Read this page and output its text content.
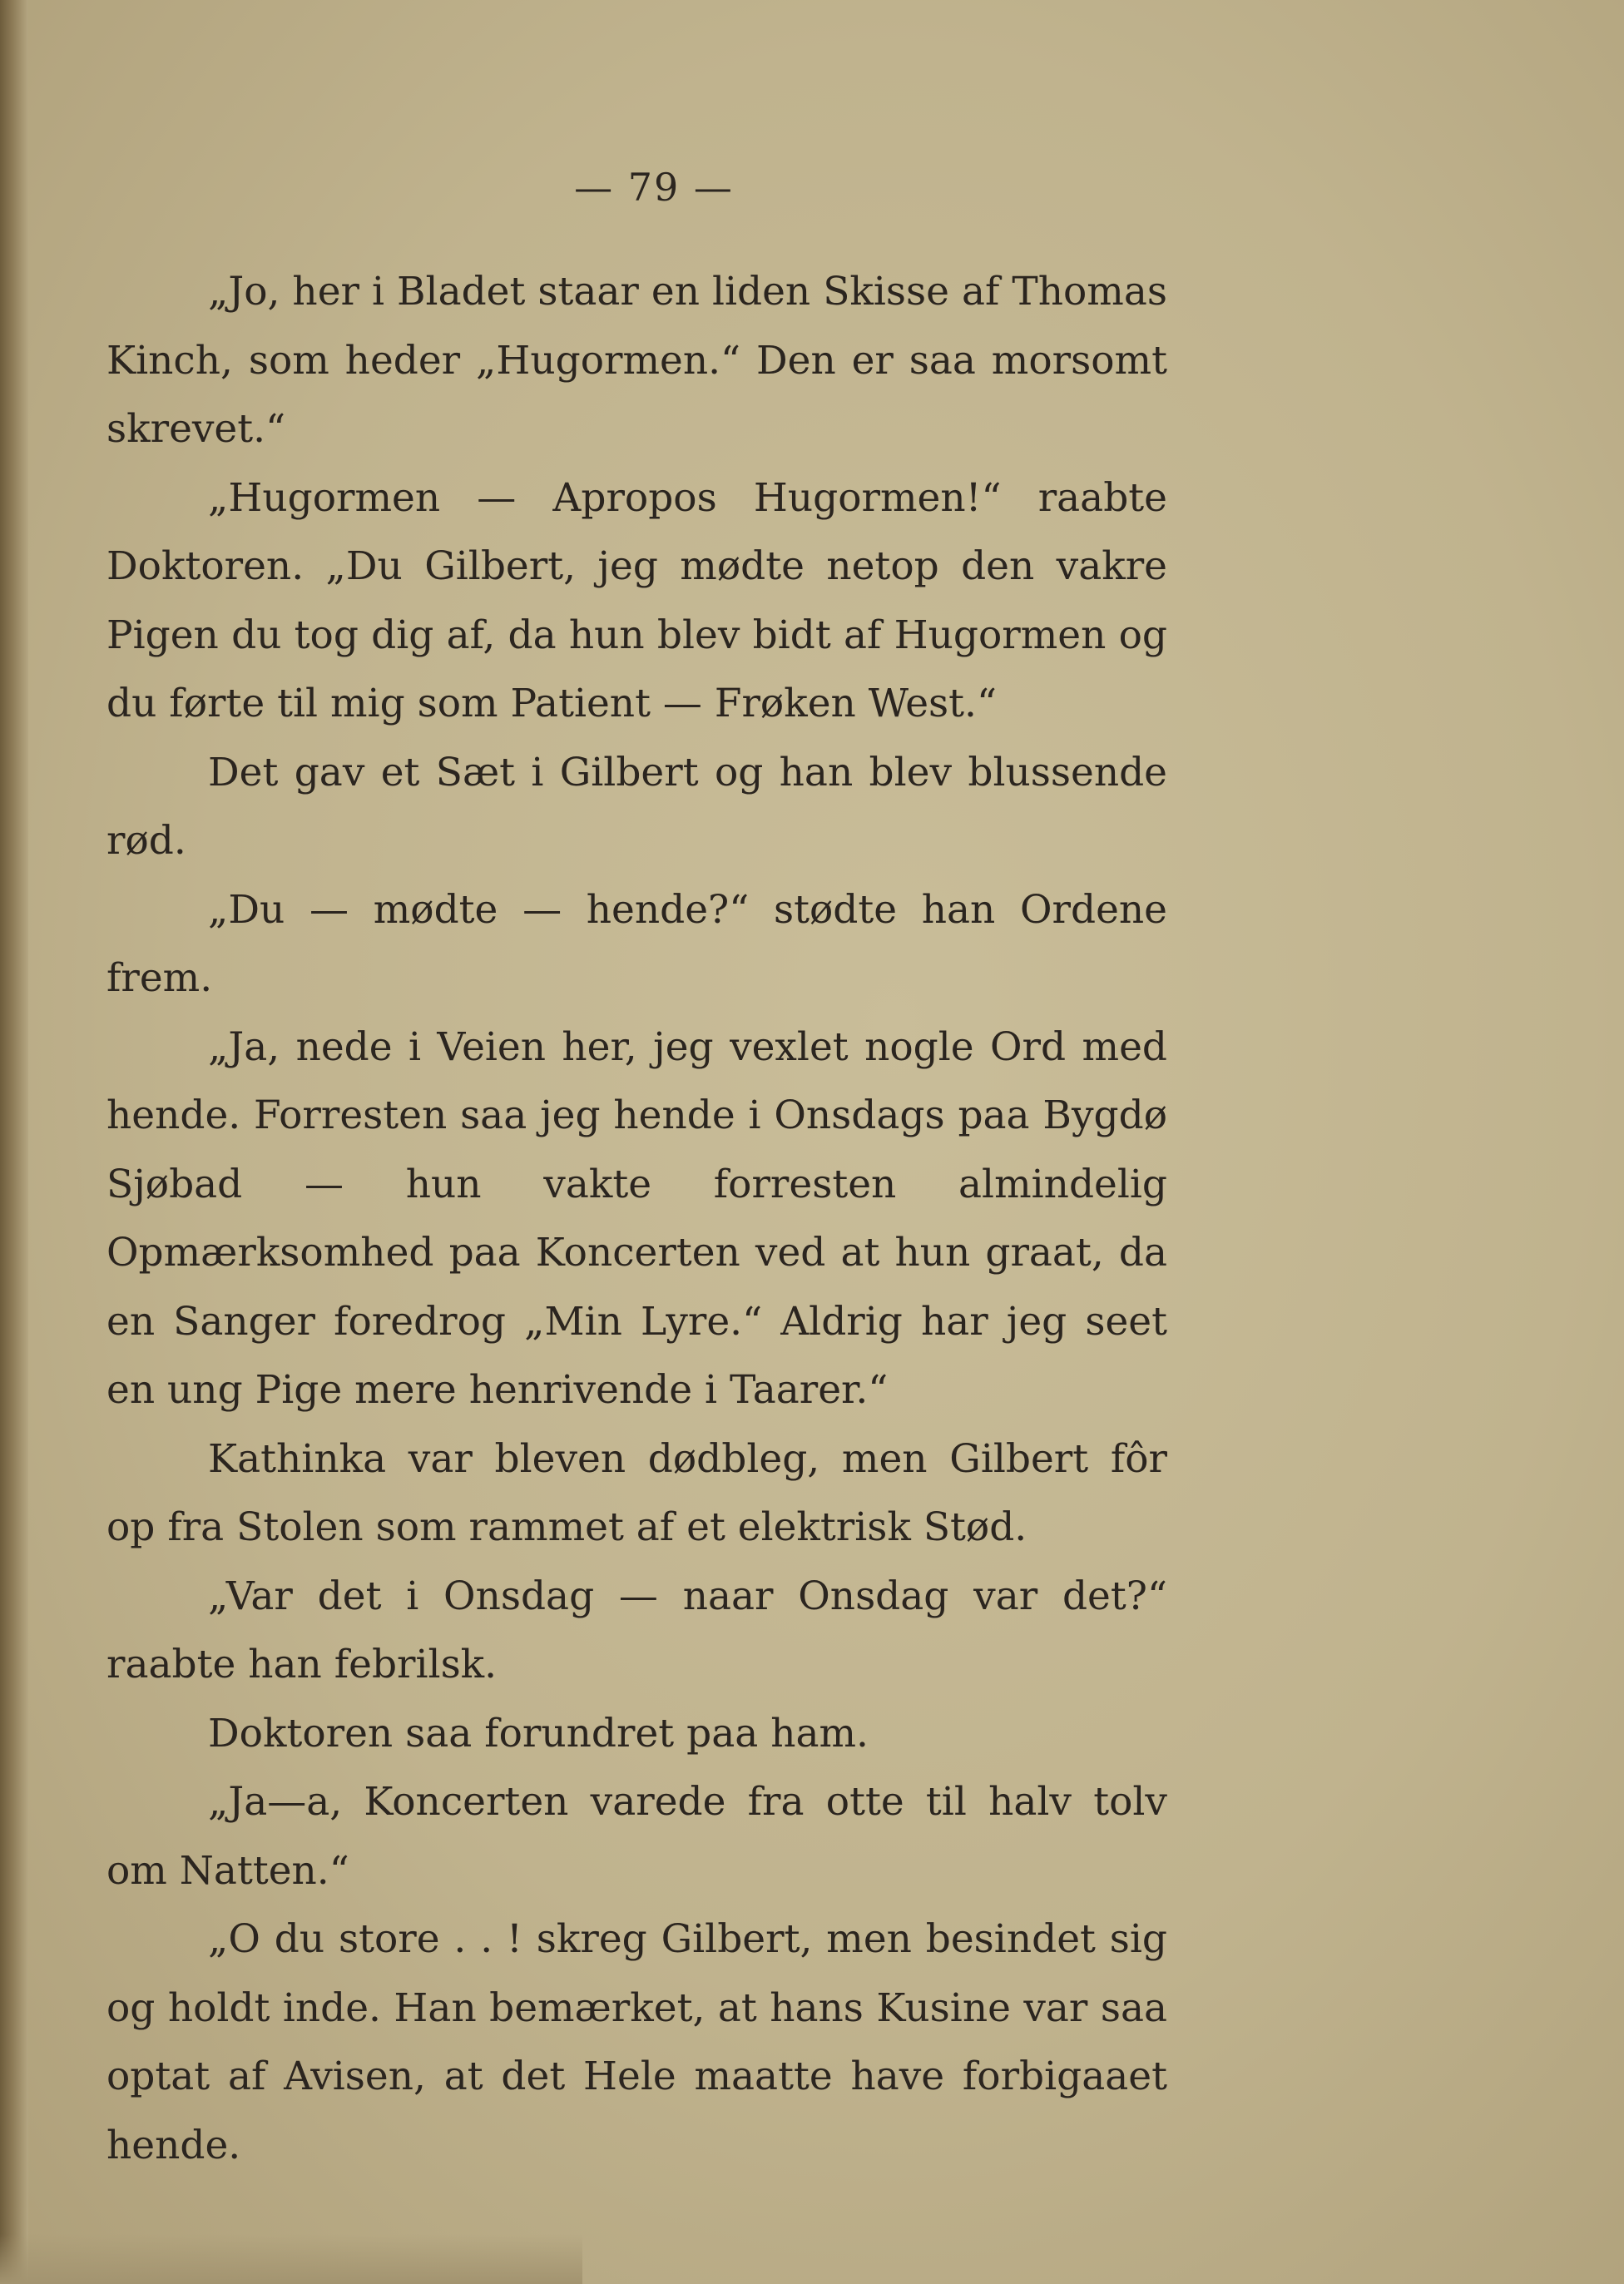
— 79 —

„Jo, her i Bladet staar en liden Skisse af Thomas Kinch, som heder „Hugormen.“ Den er saa morsomt skrevet.“

„Hugormen — Apropos Hugormen!“ raabte Doktoren. „Du Gilbert, jeg mødte netop den vakre Pigen du tog dig af, da hun blev bidt af Hugormen og du førte til mig som Patient — Frøken West.“

Det gav et Sæt i Gilbert og han blev blussende rød.

„Du — mødte — hende?“ stødte han Ordene frem.

„Ja, nede i Veien her, jeg vexlet nogle Ord med hende. Forresten saa jeg hende i Onsdags paa Bygdø Sjøbad — hun vakte forresten almindelig Opmærksomhed paa Koncerten ved at hun graat, da en Sanger foredrog „Min Lyre.“ Aldrig har jeg seet en ung Pige mere henrivende i Taarer.“

Kathinka var bleven dødbleg, men Gilbert fôr op fra Stolen som rammet af et elektrisk Stød.

„Var det i Onsdag — naar Onsdag var det?“ raabte han febrilsk.

Doktoren saa forundret paa ham.

„Ja—a, Koncerten varede fra otte til halv tolv om Natten.“

„O du store . . ! skreg Gilbert, men besindet sig og holdt inde. Han bemærket, at hans Kusine var saa optat af Avisen, at det Hele maatte have forbigaaet hende.
